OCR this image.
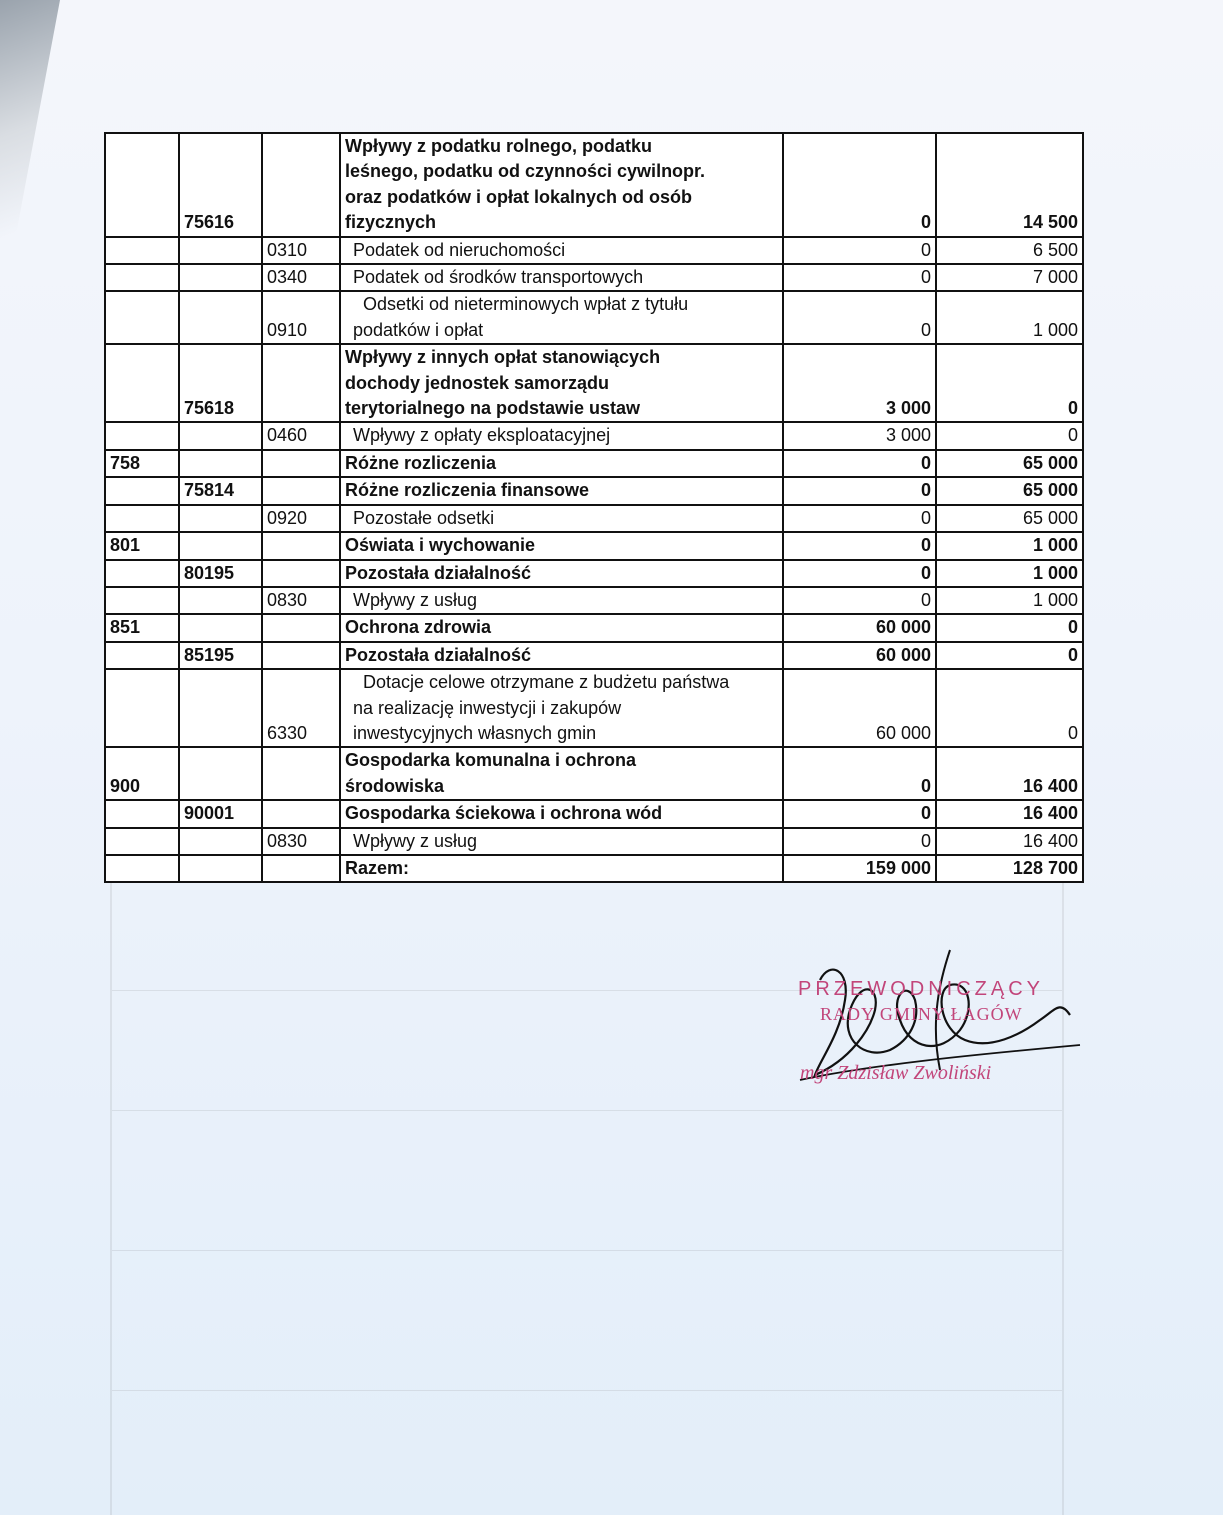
	75616		Wpływy z podatku rolnego, podatku
leśnego, podatku od czynności cywilnopr.
oraz podatków i opłat lokalnych od osób
fizycznych	0	14 500
		0310	Podatek od nieruchomości	0	6 500
		0340	Podatek od środków transportowych	0	7 000
		0910	Odsetki od nieterminowych wpłat z tytułu
podatków i opłat	0	1 000
	75618		Wpływy z innych opłat stanowiących
dochody jednostek samorządu
terytorialnego na podstawie ustaw	3 000	0
		0460	Wpływy z opłaty eksploatacyjnej	3 000	0
758			Różne rozliczenia	0	65 000
	75814		Różne rozliczenia finansowe	0	65 000
		0920	Pozostałe odsetki	0	65 000
801			Oświata i wychowanie	0	1 000
	80195		Pozostała działalność	0	1 000
		0830	Wpływy z usług	0	1 000
851			Ochrona zdrowia	60 000	0
	85195		Pozostała działalność	60 000	0
		6330	Dotacje celowe otrzymane z budżetu państwa
na realizację inwestycji i zakupów
inwestycyjnych własnych gmin	60 000	0
900			Gospodarka komunalna i ochrona
środowiska	0	16 400
	90001		Gospodarka ściekowa i ochrona wód	0	16 400
		0830	Wpływy z usług	0	16 400
			Razem:	159 000	128 700
PRZEWODNICZĄCY
RADY GMINY ŁAGÓW
mgr Zdzisław Zwoliński
